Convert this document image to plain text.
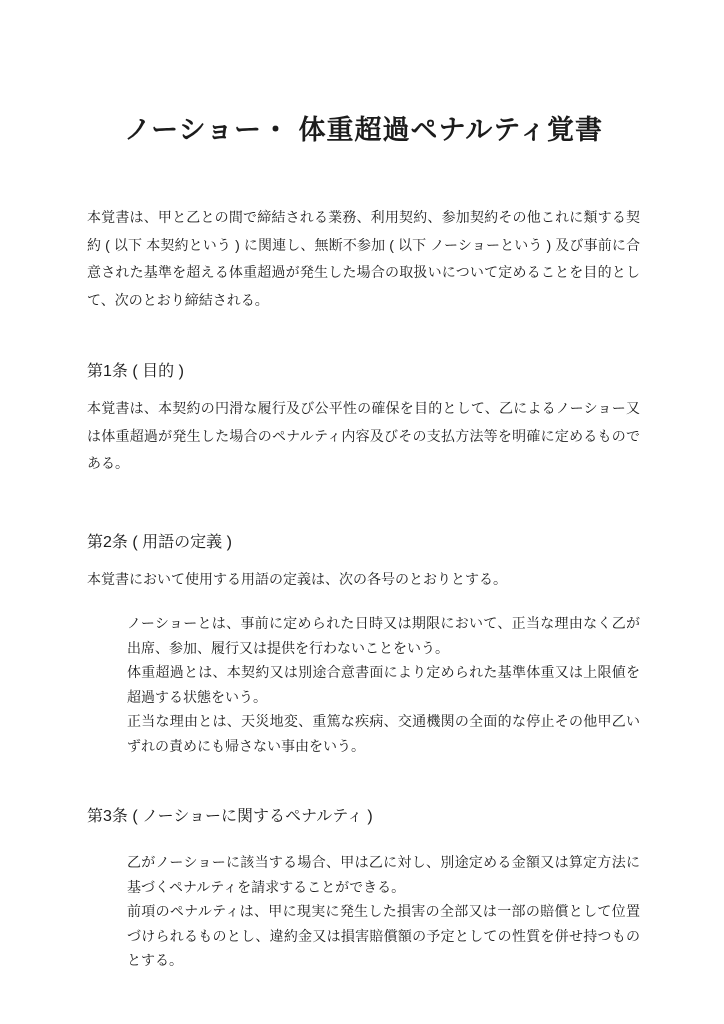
ノーショー・ 体重超過ペナルティ覚書

本覚書は、甲と乙との間で締結される業務、利用契約、参加契約その他これに類する契約 ( 以下 本契約という ) に関連し、無断不参加 ( 以下 ノーショーという ) 及び事前に合意された基準を超える体重超過が発生した場合の取扱いについて定めることを目的として、次のとおり締結される。

第1条 ( 目的 )

本覚書は、本契約の円滑な履行及び公平性の確保を目的として、乙によるノーショー又は体重超過が発生した場合のペナルティ内容及びその支払方法等を明確に定めるものである。

第2条 ( 用語の定義 )

本覚書において使用する用語の定義は、次の各号のとおりとする。

ノーショーとは、事前に定められた日時又は期限において、正当な理由なく乙が出席、参加、履行又は提供を行わないことをいう。
体重超過とは、本契約又は別途合意書面により定められた基準体重又は上限値を超過する状態をいう。
正当な理由とは、天災地変、重篤な疾病、交通機関の全面的な停止その他甲乙いずれの責めにも帰さない事由をいう。
第3条 ( ノーショーに関するペナルティ )
乙がノーショーに該当する場合、甲は乙に対し、別途定める金額又は算定方法に基づくペナルティを請求することができる。
前項のペナルティは、甲に現実に発生した損害の全部又は一部の賠償として位置づけられるものとし、違約金又は損害賠償額の予定としての性質を併せ持つものとする。
